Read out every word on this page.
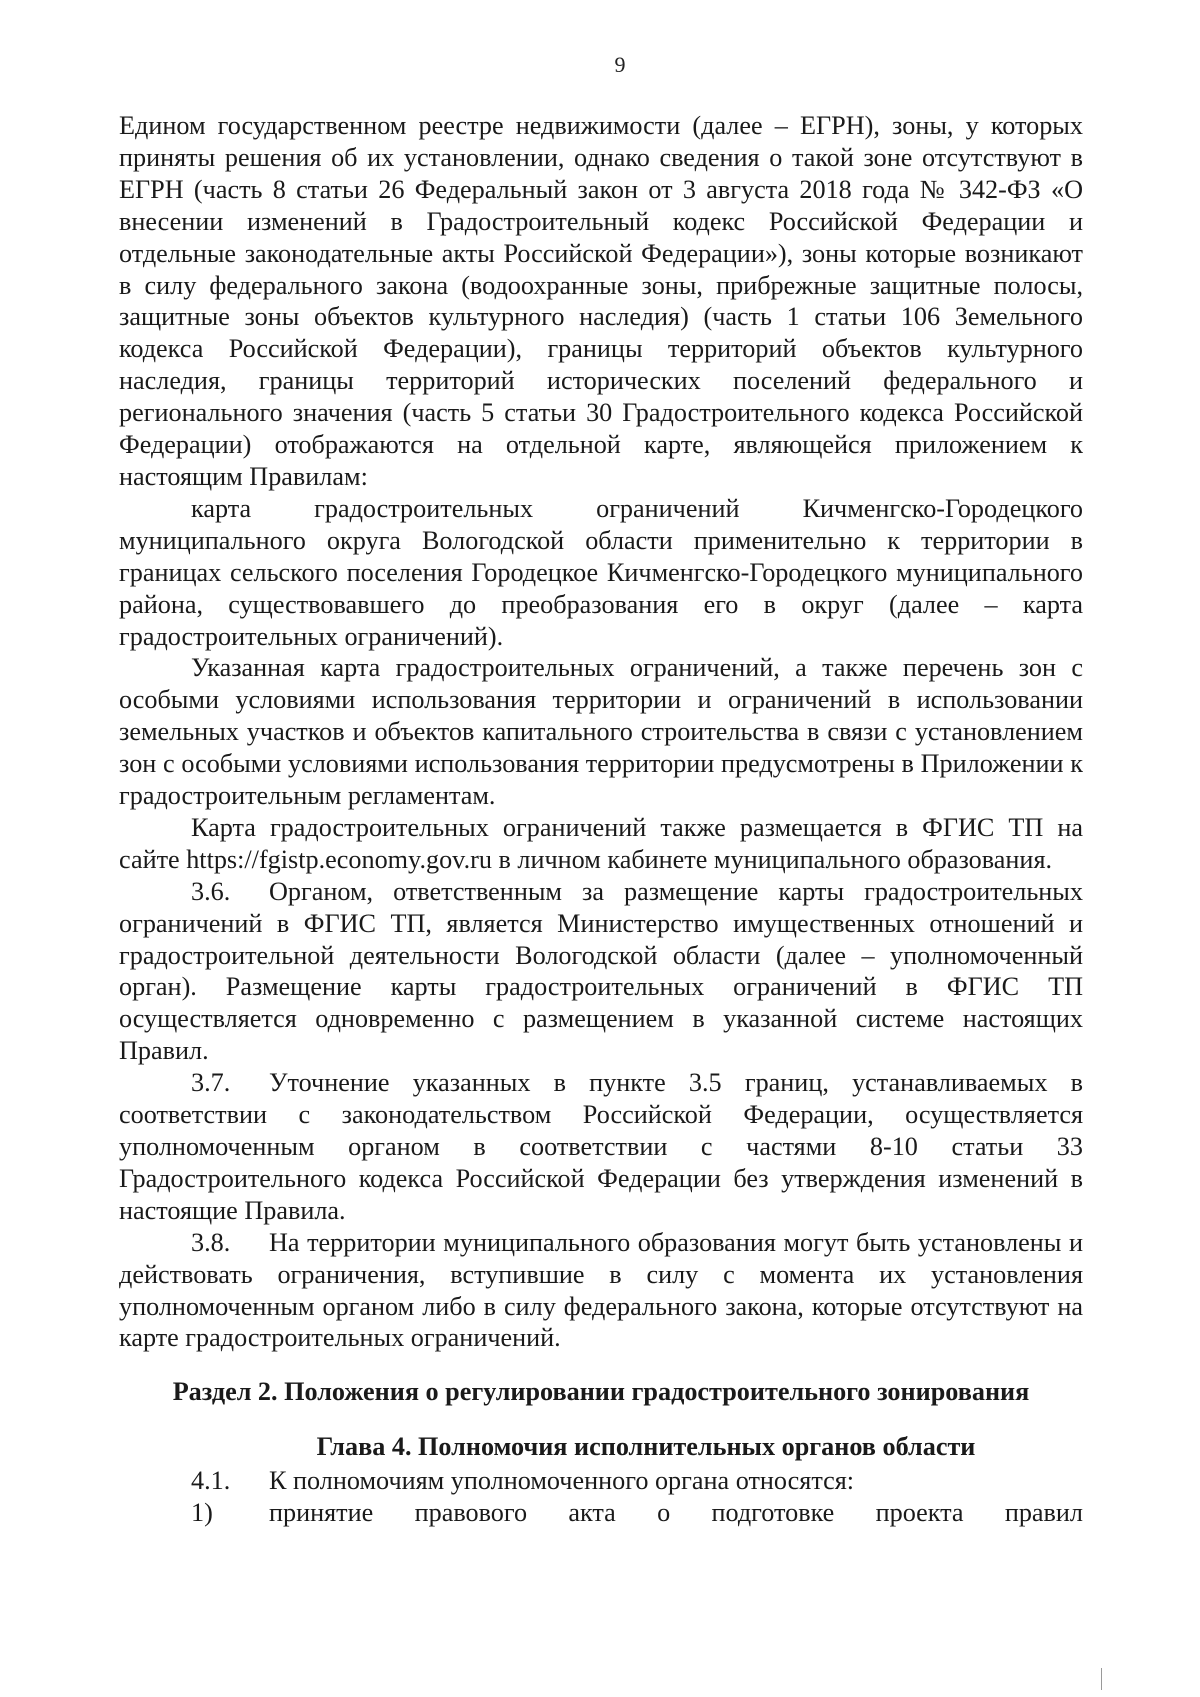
9

Едином государственном реестре недвижимости (далее – ЕГРН), зоны, у которых приняты решения об их установлении, однако сведения о такой зоне отсутствуют в ЕГРН (часть 8 статьи 26 Федеральный закон от 3 августа 2018 года № 342-ФЗ «О внесении изменений в Градостроительный кодекс Российской Федерации и отдельные законодательные акты Российской Федерации»), зоны которые возникают в силу федерального закона (водоохранные зоны, прибрежные защитные полосы, защитные зоны объектов культурного наследия) (часть 1 статьи 106 Земельного кодекса Российской Федерации), границы территорий объектов культурного наследия, границы территорий исторических поселений федерального и регионального значения (часть 5 статьи 30 Градостроительного кодекса Российской Федерации) отображаются на отдельной карте, являющейся приложением к настоящим Правилам:

карта градостроительных ограничений Кичменгско-Городецкого муниципального округа Вологодской области применительно к территории в границах сельского поселения Городецкое Кичменгско-Городецкого муниципального района, существовавшего до преобразования его в округ (далее – карта градостроительных ограничений).

Указанная карта градостроительных ограничений, а также перечень зон с особыми условиями использования территории и ограничений в использовании земельных участков и объектов капитального строительства в связи с установлением зон с особыми условиями использования территории предусмотрены в Приложении к градостроительным регламентам.

Карта градостроительных ограничений также размещается в ФГИС ТП на сайте https://fgistp.economy.gov.ru в личном кабинете муниципального образования.

3.6. Органом, ответственным за размещение карты градостроительных ограничений в ФГИС ТП, является Министерство имущественных отношений и градостроительной деятельности Вологодской области (далее – уполномоченный орган). Размещение карты градостроительных ограничений в ФГИС ТП осуществляется одновременно с размещением в указанной системе настоящих Правил.

3.7. Уточнение указанных в пункте 3.5 границ, устанавливаемых в соответствии с законодательством Российской Федерации, осуществляется уполномоченным органом в соответствии с частями 8-10 статьи 33 Градостроительного кодекса Российской Федерации без утверждения изменений в настоящие Правила.

3.8. На территории муниципального образования могут быть установлены и действовать ограничения, вступившие в силу с момента их установления уполномоченным органом либо в силу федерального закона, которые отсутствуют на карте градостроительных ограничений.

Раздел 2. Положения о регулировании градостроительного зонирования

Глава 4. Полномочия исполнительных органов области

4.1.	К полномочиям уполномоченного органа относятся:
1)	принятие правового акта о подготовке проекта правил
